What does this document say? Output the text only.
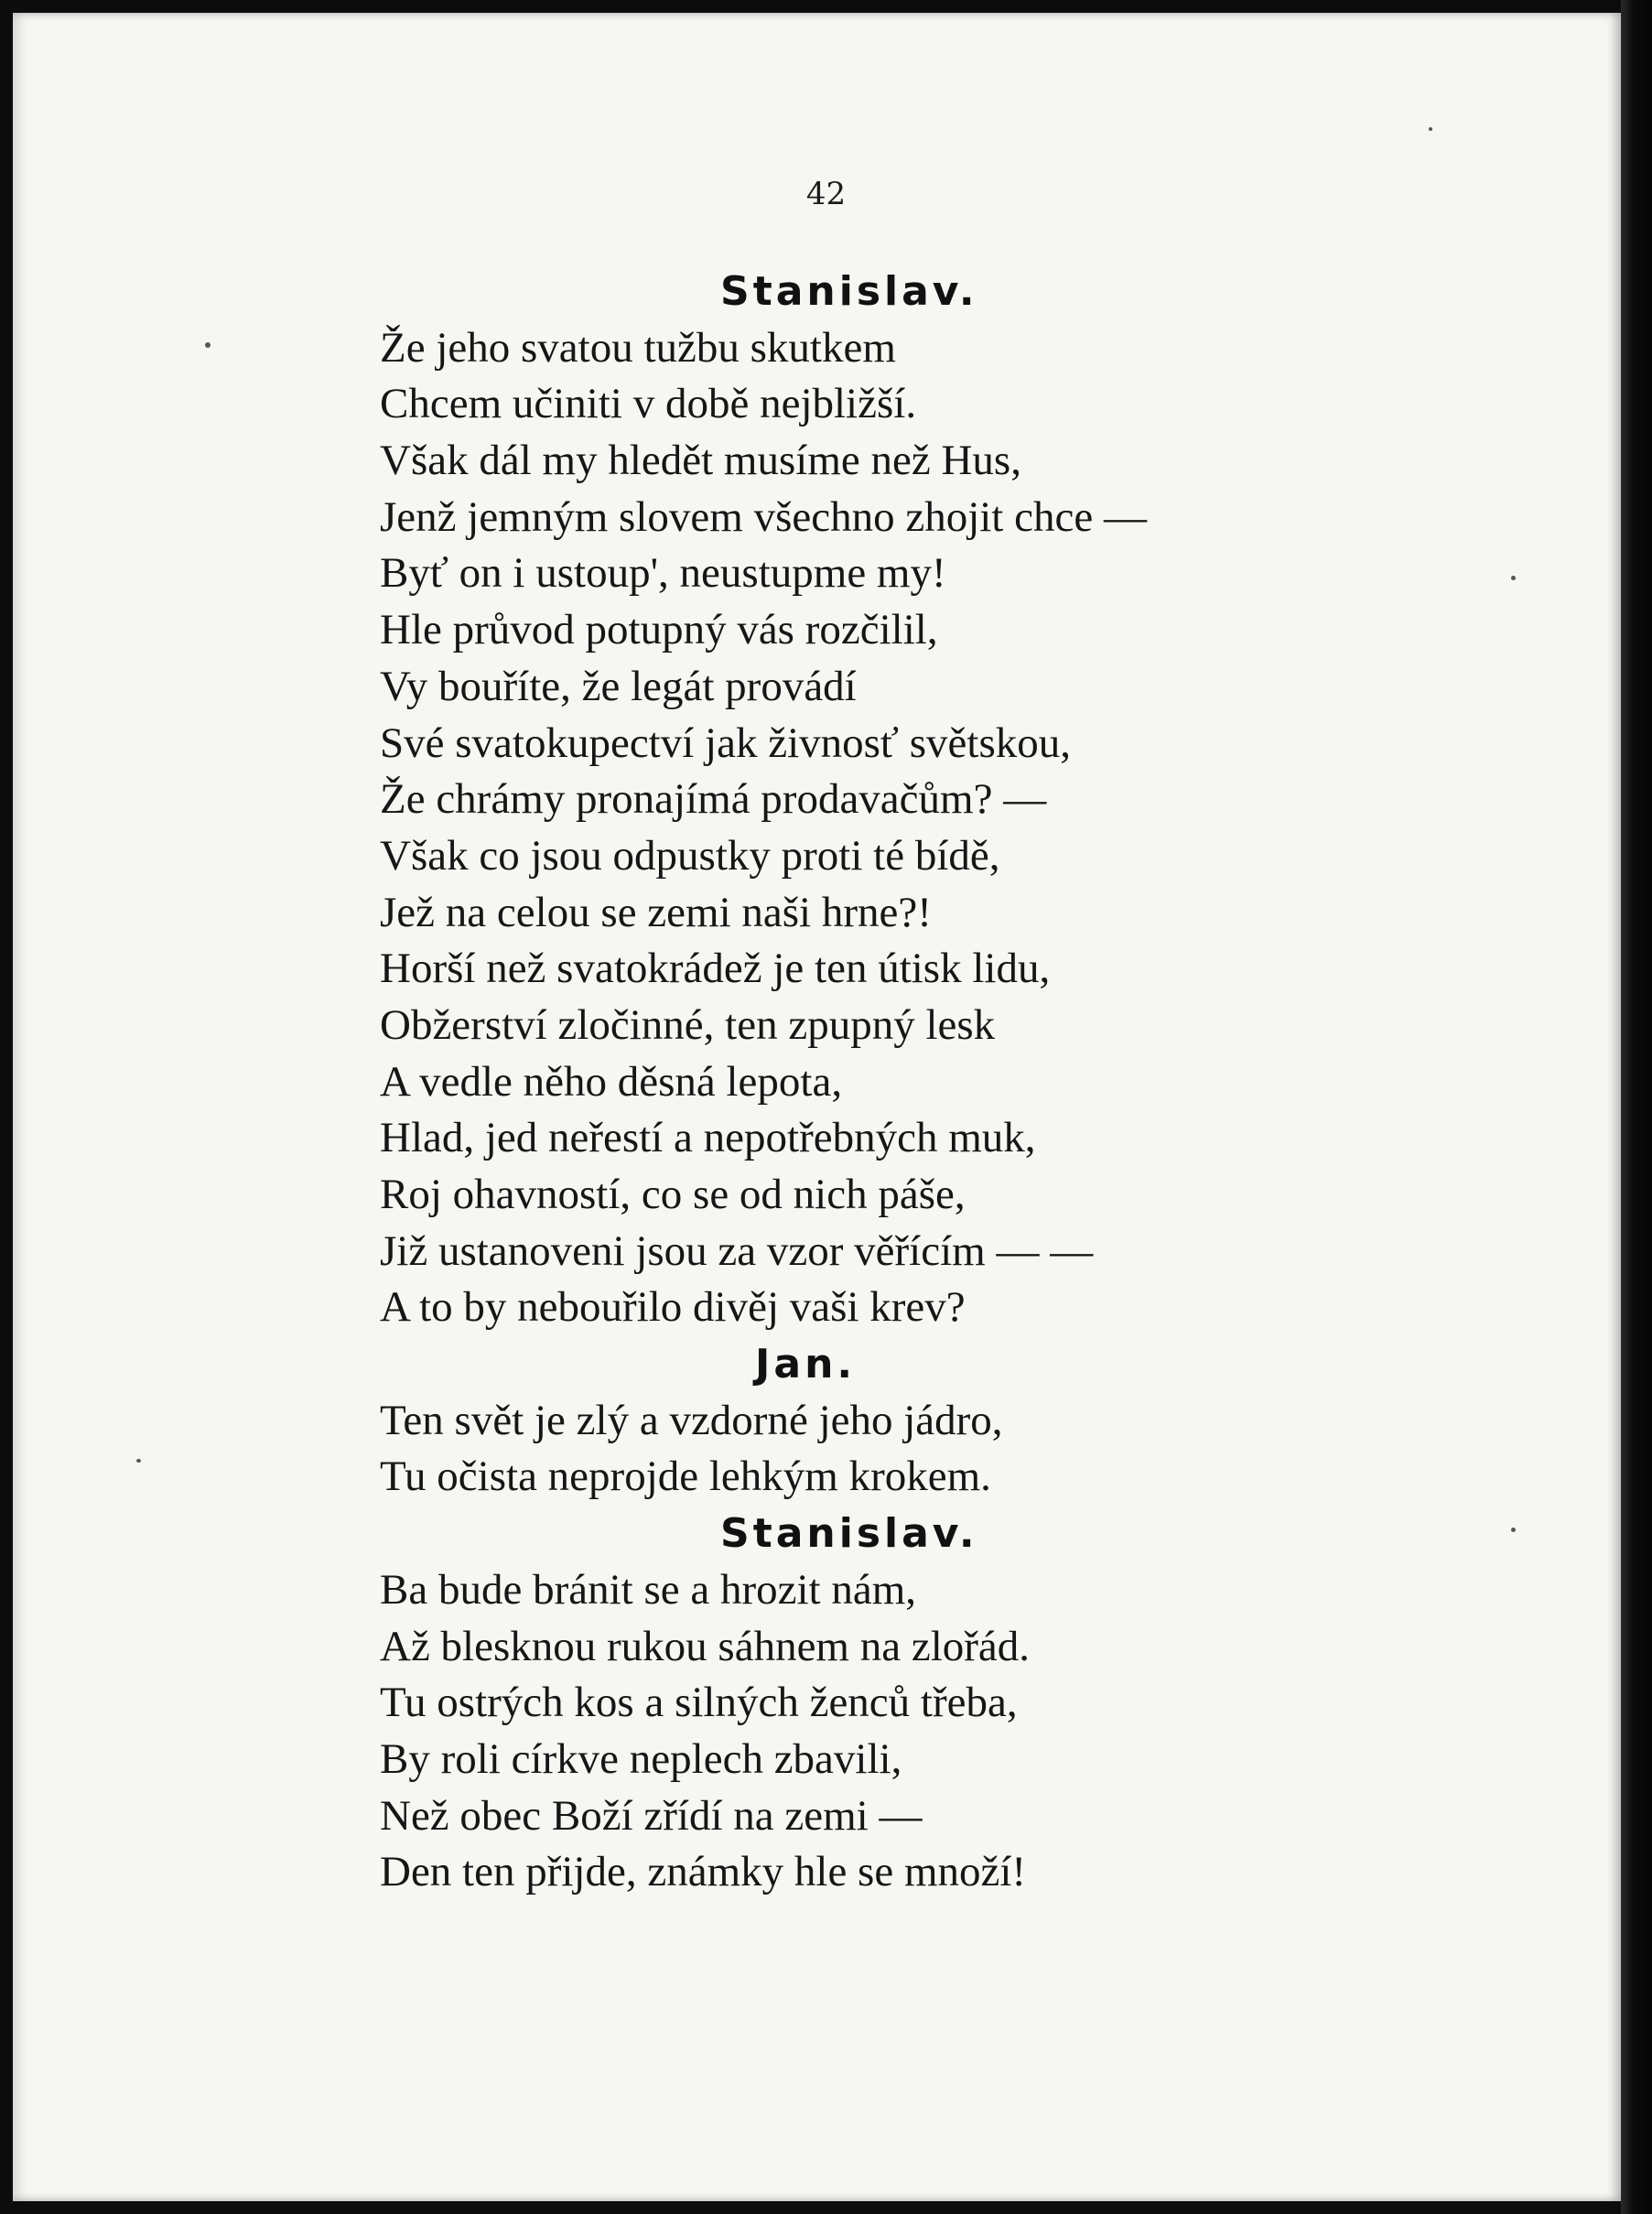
42
Stanislav.
Že jeho svatou tužbu skutkem
Chcem učiniti v době nejbližší.
Však dál my hledět musíme než Hus,
Jenž jemným slovem všechno zhojit chce —
Byť on i ustoup', neustupme my!
Hle průvod potupný vás rozčilil,
Vy bouříte, že legát provádí
Své svatokupectví jak živnosť světskou,
Že chrámy pronajímá prodavačům? —
Však co jsou odpustky proti té bídě,
Jež na celou se zemi naši hrne?!
Horší než svatokrádež je ten útisk lidu,
Obžerství zločinné, ten zpupný lesk
A vedle něho děsná lepota,
Hlad, jed neřestí a nepotřebných muk,
Roj ohavností, co se od nich páše,
Již ustanoveni jsou za vzor věřícím — —
A to by nebouřilo divěj vaši krev?
Jan.
Ten svět je zlý a vzdorné jeho jádro,
Tu očista neprojde lehkým krokem.
Stanislav.
Ba bude bránit se a hrozit nám,
Až blesknou rukou sáhnem na zlořád.
Tu ostrých kos a silných ženců třeba,
By roli církve neplech zbavili,
Než obec Boží zřídí na zemi —
Den ten přijde, známky hle se množí!
